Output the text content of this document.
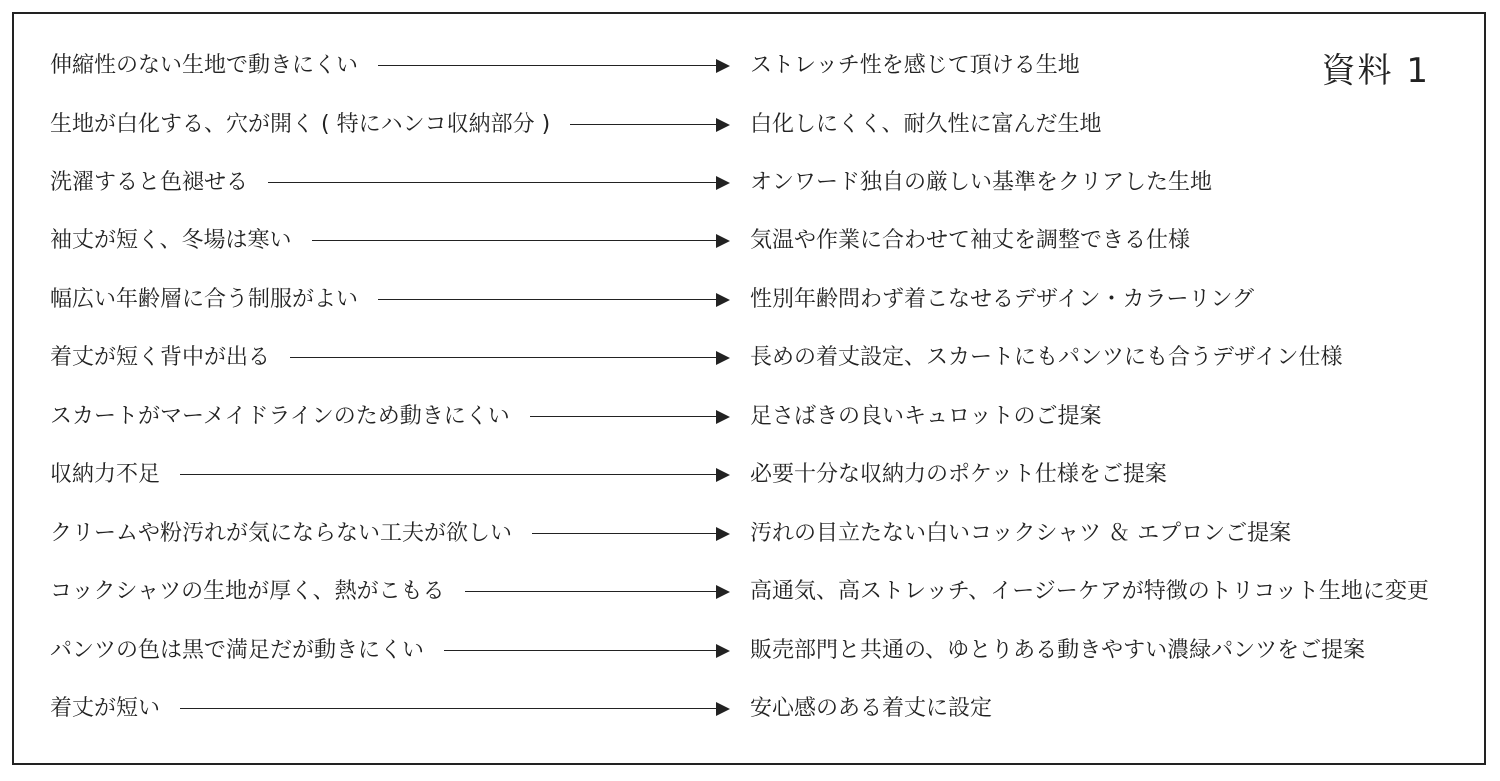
資料 1
伸縮性のない生地で動きにくい	ストレッチ性を感じて頂ける生地
生地が白化する、穴が開く ( 特にハンコ収納部分 )	白化しにくく、耐久性に富んだ生地
洗濯すると色褪せる	オンワード独自の厳しい基準をクリアした生地
袖丈が短く、冬場は寒い	気温や作業に合わせて袖丈を調整できる仕様
幅広い年齢層に合う制服がよい	性別年齢問わず着こなせるデザイン・カラーリング
着丈が短く背中が出る	長めの着丈設定、スカートにもパンツにも合うデザイン仕様
スカートがマーメイドラインのため動きにくい	足さばきの良いキュロットのご提案
収納力不足	必要十分な収納力のポケット仕様をご提案
クリームや粉汚れが気にならない工夫が欲しい	汚れの目立たない白いコックシャツ ＆ エプロンご提案
コックシャツの生地が厚く、熱がこもる	高通気、高ストレッチ、イージーケアが特徴のトリコット生地に変更
パンツの色は黒で満足だが動きにくい	販売部門と共通の、ゆとりある動きやすい濃緑パンツをご提案
着丈が短い	安心感のある着丈に設定
